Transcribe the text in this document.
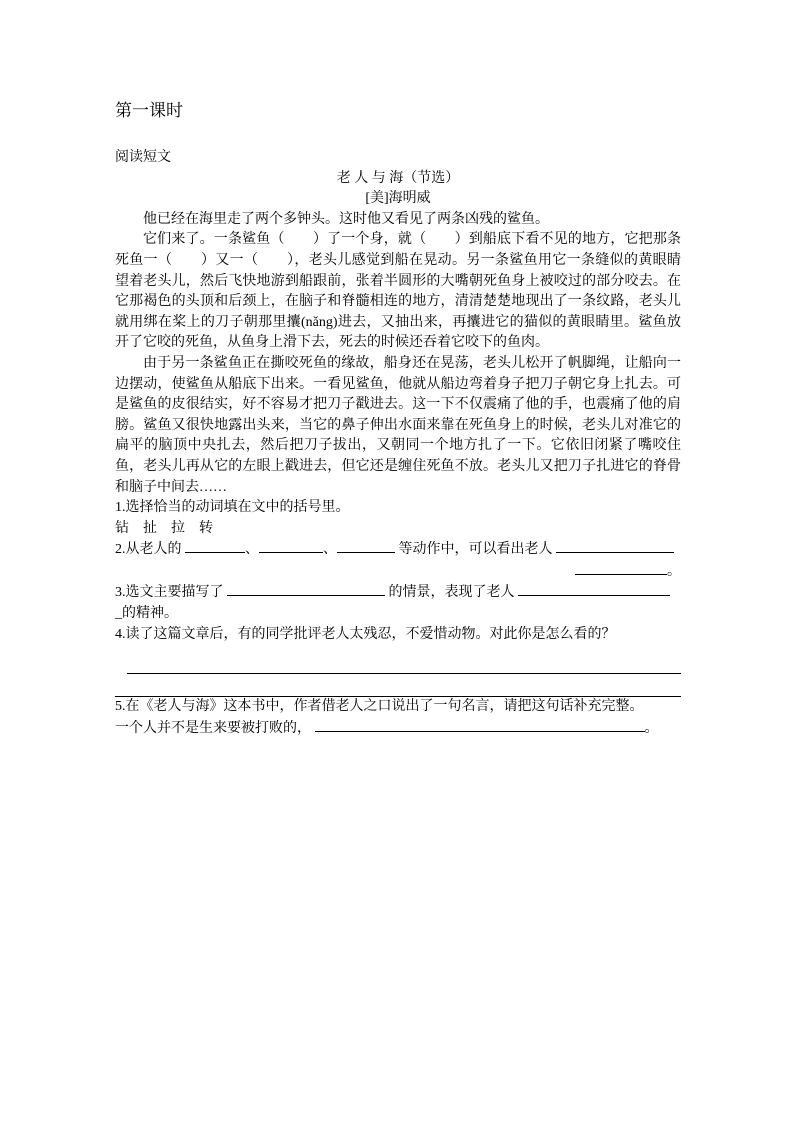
第一课时
阅读短文
老 人 与 海（节选）
[美]海明威

他已经在海里走了两个多钟头。这时他又看见了两条凶残的鲨鱼。

它们来了。一条鲨鱼（　　）了一个身，就（　　）到船底下看不见的地方，它把那条死鱼一（　　）又一（　　），老头儿感觉到船在晃动。另一条鲨鱼用它一条缝似的黄眼睛望着老头儿，然后飞快地游到船跟前，张着半圆形的大嘴朝死鱼身上被咬过的部分咬去。在它那褐色的头顶和后颈上，在脑子和脊髓相连的地方，清清楚楚地现出了一条纹路，老头儿就用绑在桨上的刀子朝那里攮(nǎng)进去，又抽出来，再攮进它的猫似的黄眼睛里。鲨鱼放开了它咬的死鱼，从鱼身上滑下去，死去的时候还吞着它咬下的鱼肉。

由于另一条鲨鱼正在撕咬死鱼的缘故，船身还在晃荡，老头儿松开了帆脚绳，让船向一边摆动，使鲨鱼从船底下出来。一看见鲨鱼，他就从船边弯着身子把刀子朝它身上扎去。可是鲨鱼的皮很结实，好不容易才把刀子戳进去。这一下不仅震痛了他的手，也震痛了他的肩膀。鲨鱼又很快地露出头来，当它的鼻子伸出水面来靠在死鱼身上的时候，老头儿对准它的扁平的脑顶中央扎去，然后把刀子拔出，又朝同一个地方扎了一下。它依旧闭紧了嘴咬住鱼，老头儿再从它的左眼上戳进去，但它还是缠住死鱼不放。老头儿又把刀子扎进它的脊骨和脑子中间去……

1.选择恰当的动词填在文中的括号里。
钻　扯　拉　转
2.从老人的	、	、	等动作中，可以看出老人
。
3.选文主要描写了	的情景，表现了老人
_的精神。
4.读了这篇文章后，有的同学批评老人太残忍，不爱惜动物。对此你是怎么看的？
5.在《老人与海》这本书中，作者借老人之口说出了一句名言，请把这句话补充完整。
一个人并不是生来要被打败的，	。
